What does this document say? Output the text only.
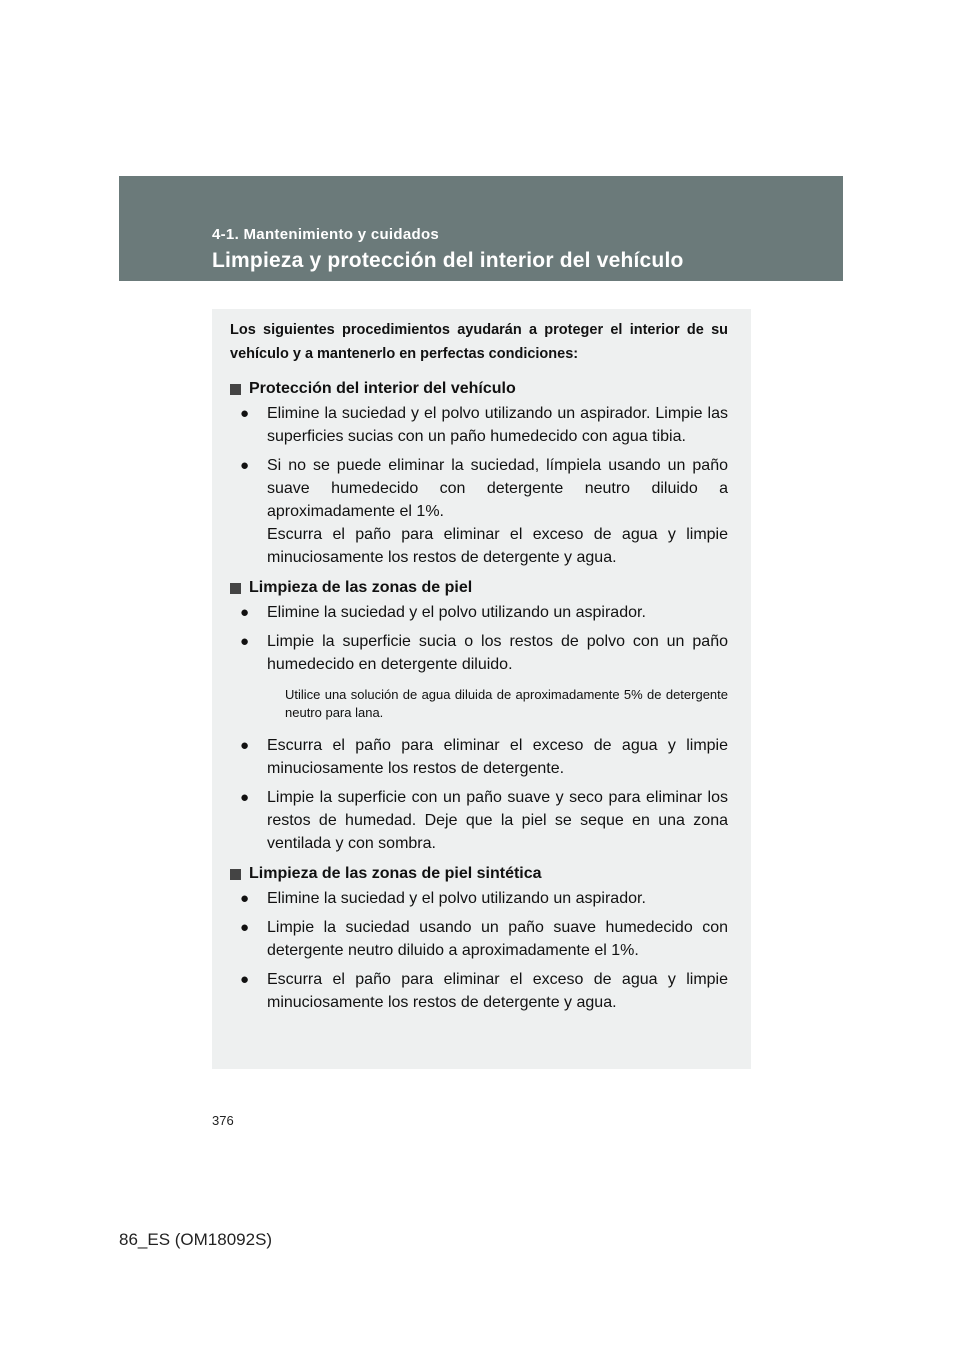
4-1. Mantenimiento y cuidados
Limpieza y protección del interior del vehículo

Los siguientes procedimientos ayudarán a proteger el interior de su vehículo y a mantenerlo en perfectas condiciones:

Protección del interior del vehículo
● Elimine la suciedad y el polvo utilizando un aspirador. Limpie las superficies sucias con un paño humedecido con agua tibia.
● Si no se puede eliminar la suciedad, límpiela usando un paño suave humedecido con detergente neutro diluido a aproximadamente el 1%.
Escurra el paño para eliminar el exceso de agua y limpie minuciosamente los restos de detergente y agua.
Limpieza de las zonas de piel
● Elimine la suciedad y el polvo utilizando un aspirador.
● Limpie la superficie sucia o los restos de polvo con un paño humedecido en detergente diluido.
Utilice una solución de agua diluida de aproximadamente 5% de detergente neutro para lana.
● Escurra el paño para eliminar el exceso de agua y limpie minuciosamente los restos de detergente.
● Limpie la superficie con un paño suave y seco para eliminar los restos de humedad. Deje que la piel se seque en una zona ventilada y con sombra.
Limpieza de las zonas de piel sintética
● Elimine la suciedad y el polvo utilizando un aspirador.
● Limpie la suciedad usando un paño suave humedecido con detergente neutro diluido a aproximadamente el 1%.
● Escurra el paño para eliminar el exceso de agua y limpie minuciosamente los restos de detergente y agua.
376
86_ES (OM18092S)
